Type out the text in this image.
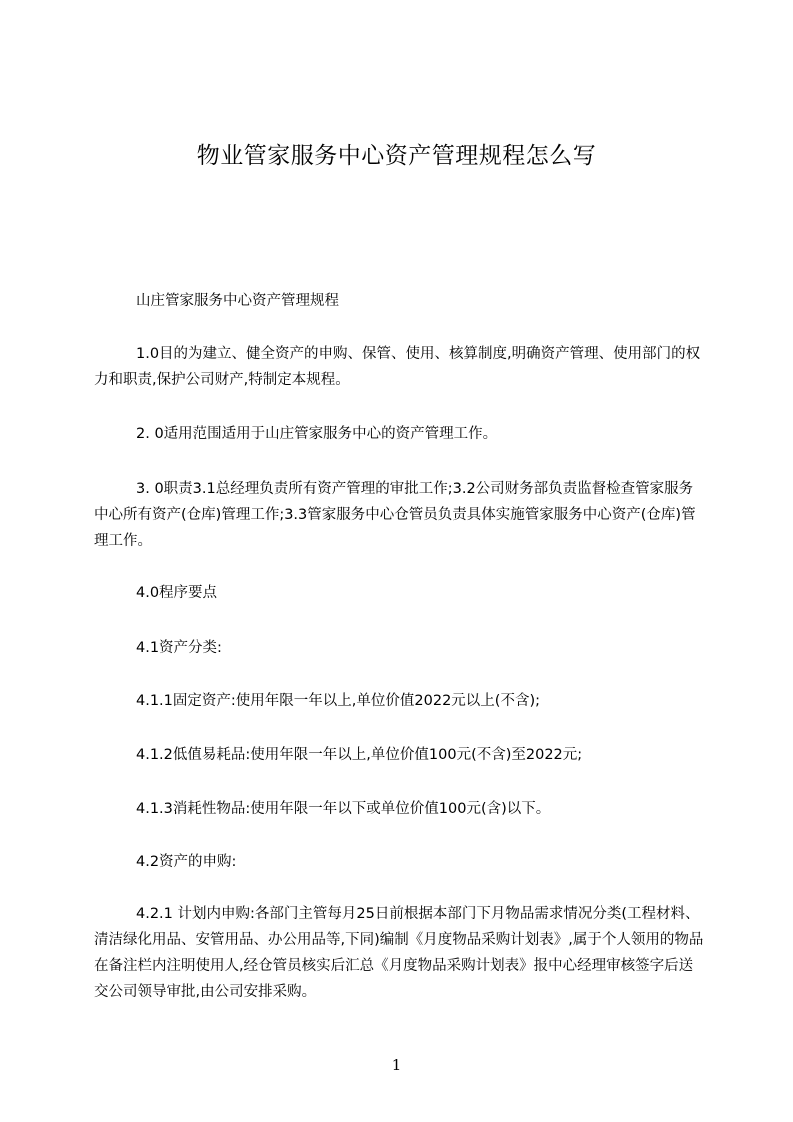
物业管家服务中心资产管理规程怎么写

山庄管家服务中心资产管理规程

1.0目的为建立、健全资产的申购、保管、使用、核算制度,明确资产管理、使用部门的权力和职责,保护公司财产,特制定本规程。

2. 0适用范围适用于山庄管家服务中心的资产管理工作。

3. 0职责3.1总经理负责所有资产管理的审批工作;3.2公司财务部负责监督检查管家服务中心所有资产(仓库)管理工作;3.3管家服务中心仓管员负责具体实施管家服务中心资产(仓库)管理工作。

4.0程序要点

4.1资产分类:

4.1.1固定资产:使用年限一年以上,单位价值2022元以上(不含);

4.1.2低值易耗品:使用年限一年以上,单位价值100元(不含)至2022元;

4.1.3消耗性物品:使用年限一年以下或单位价值100元(含)以下。

4.2资产的申购:

4.2.1 计划内申购:各部门主管每月25日前根据本部门下月物品需求情况分类(工程材料、清洁绿化用品、安管用品、办公用品等,下同)编制《月度物品采购计划表》,属于个人领用的物品在备注栏内注明使用人,经仓管员核实后汇总《月度物品采购计划表》报中心经理审核签字后送交公司领导审批,由公司安排采购。

1
